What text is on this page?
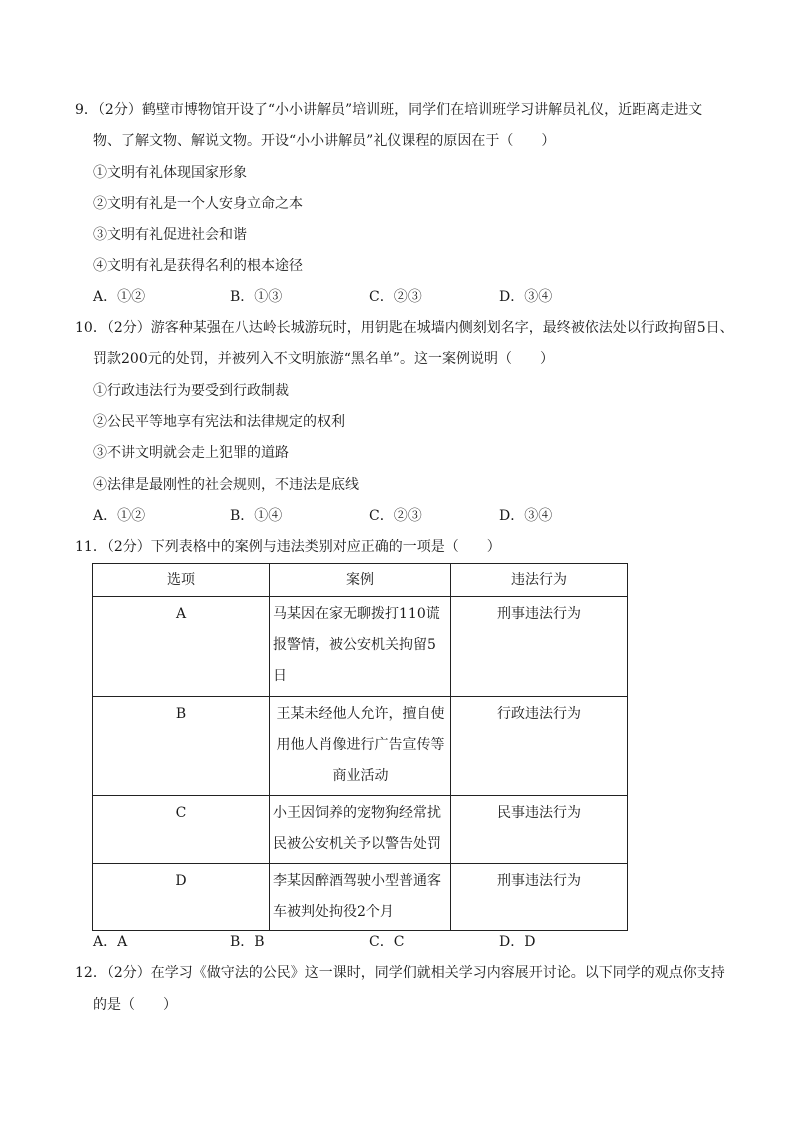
9．（2分）鹤壁市博物馆开设了“小小讲解员”培训班，同学们在培训班学习讲解员礼仪，近距离走进文
物、了解文物、解说文物。开设“小小讲解员”礼仪课程的原因在于（　　）
①文明有礼体现国家形象
②文明有礼是一个人安身立命之本
③文明有礼促进社会和谐
④文明有礼是获得名利的根本途径
A．①②	B．①③	C．②③	D．③④
10．（2分）游客种某强在八达岭长城游玩时，用钥匙在城墙内侧刻划名字，最终被依法处以行政拘留5日、
罚款200元的处罚，并被列入不文明旅游“黑名单”。这一案例说明（　　）
①行政违法行为要受到行政制裁
②公民平等地享有宪法和法律规定的权利
③不讲文明就会走上犯罪的道路
④法律是最刚性的社会规则，不违法是底线
A．①②	B．①④	C．②③	D．③④
11．（2分）下列表格中的案例与违法类别对应正确的一项是（　　）
选项	案例	违法行为
A	马某因在家无聊拨打110谎
报警情，被公安机关拘留5
日	刑事违法行为
B	王某未经他人允许，擅自使
用他人肖像进行广告宣传等
商业活动	行政违法行为
C	小王因饲养的宠物狗经常扰
民被公安机关予以警告处罚	民事违法行为
D	李某因醉酒驾驶小型普通客
车被判处拘役2个月	刑事违法行为
A．A	B．B	C．C	D．D
12．（2分）在学习《做守法的公民》这一课时，同学们就相关学习内容展开讨论。以下同学的观点你支持
的是（　　）
